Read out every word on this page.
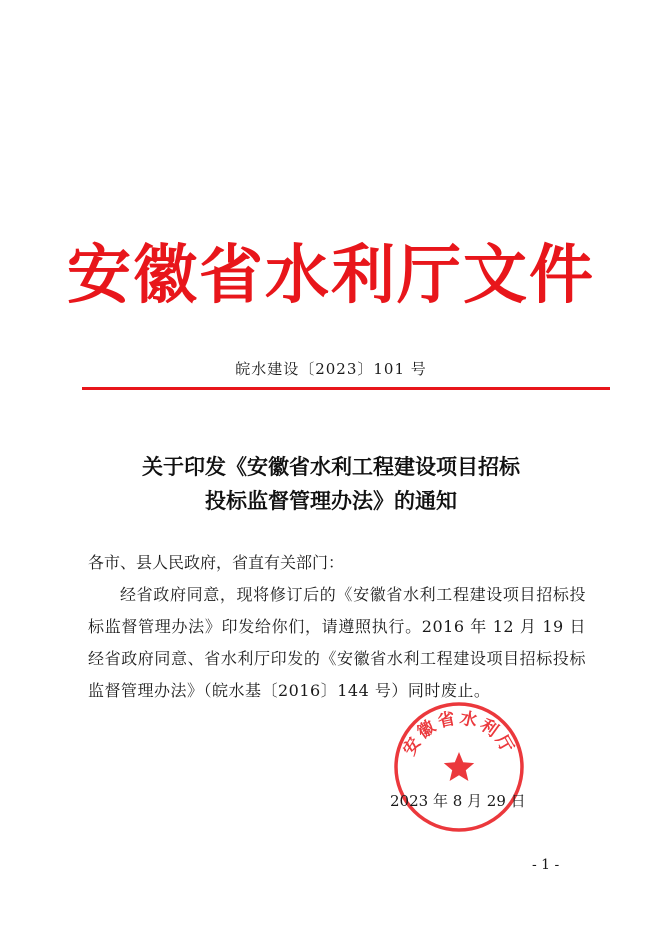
安徽省水利厅文件
皖水建设〔2023〕101 号
关于印发《安徽省水利工程建设项目招标
投标监督管理办法》的通知
各市、县人民政府，省直有关部门：
经省政府同意，现将修订后的《安徽省水利工程建设项目招标投标监督管理办法》印发给你们，请遵照执行。2016 年 12 月 19 日经省政府同意、省水利厅印发的《安徽省水利工程建设项目招标投标监督管理办法》（皖水基〔2016〕144 号）同时废止。
安徽省水利厅
2023 年 8 月 29 日
- 1 -
